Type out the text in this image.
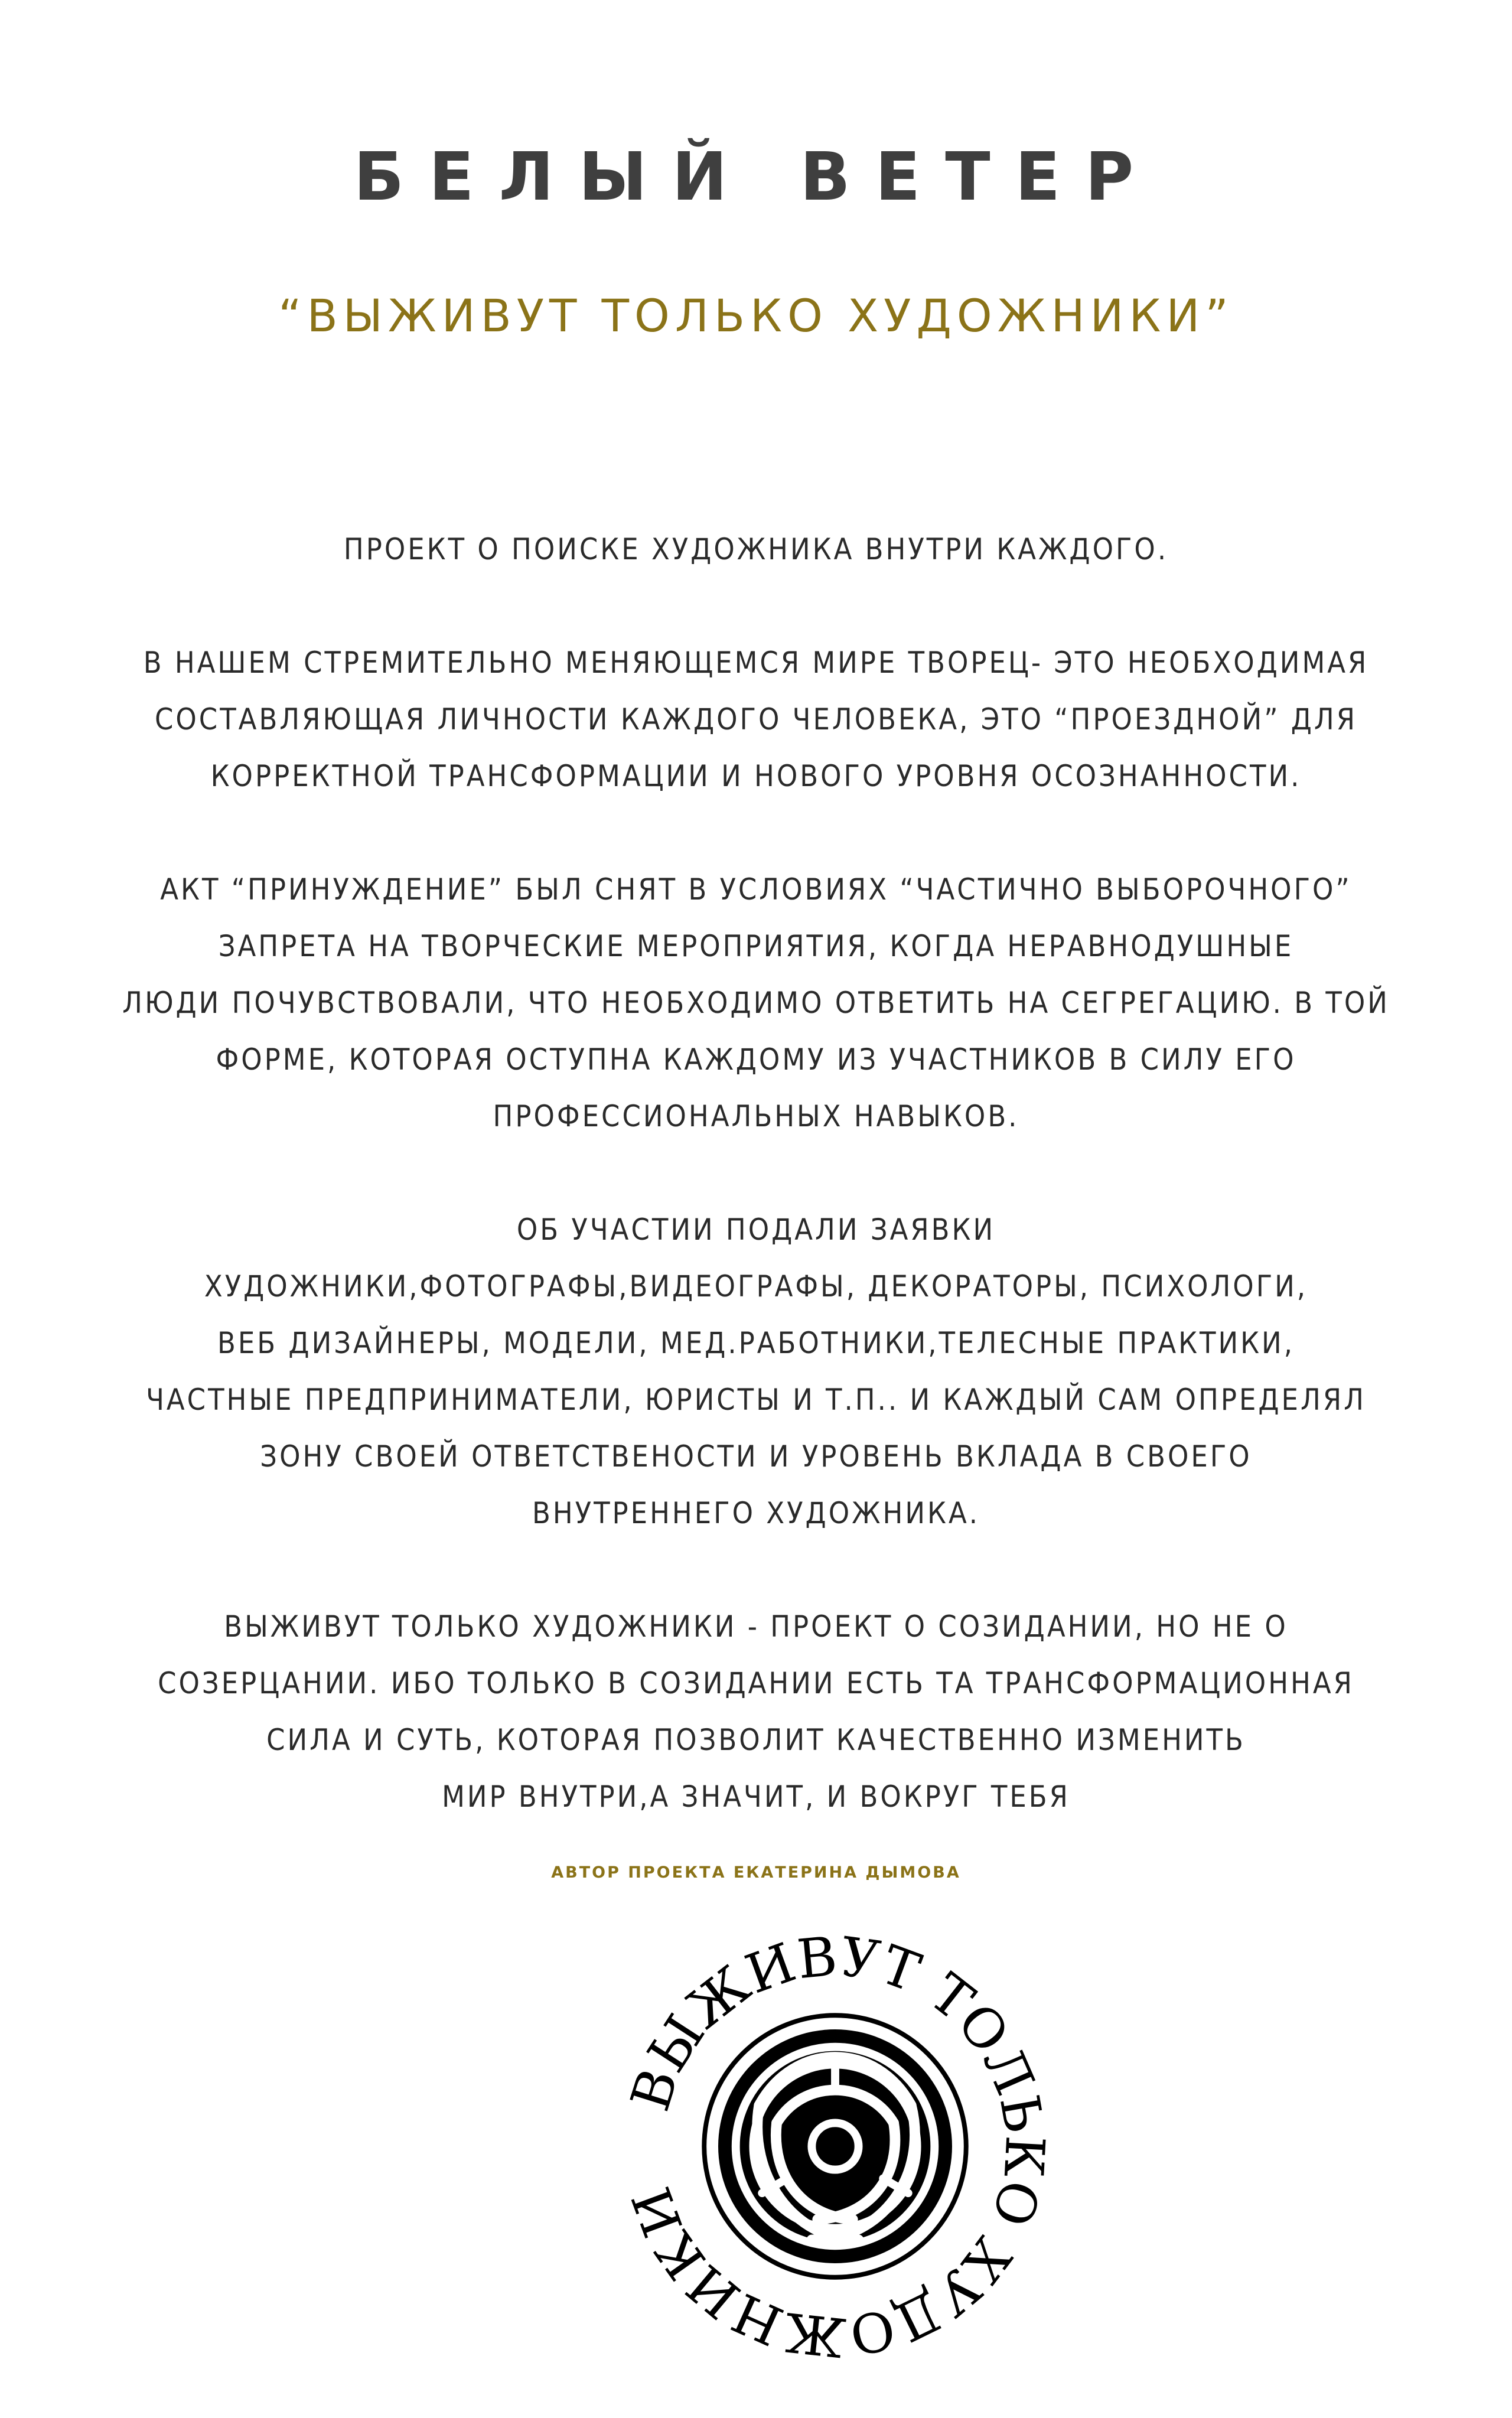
БЕЛЫЙ ВЕТЕР
“ВЫЖИВУТ ТОЛЬКО ХУДОЖНИКИ”
ПРОЕКТ О ПОИСКЕ ХУДОЖНИКА ВНУТРИ КАЖДОГО.
В НАШЕМ СТРЕМИТЕЛЬНО МЕНЯЮЩЕМСЯ МИРЕ ТВОРЕЦ- ЭТО НЕОБХОДИМАЯ
СОСТАВЛЯЮЩАЯ ЛИЧНОСТИ КАЖДОГО ЧЕЛОВЕКА, ЭТО “ПРОЕЗДНОЙ” ДЛЯ
КОРРЕКТНОЙ ТРАНСФОРМАЦИИ И НОВОГО УРОВНЯ ОСОЗНАННОСТИ.
АКТ “ПРИНУЖДЕНИЕ” БЫЛ СНЯТ В УСЛОВИЯХ “ЧАСТИЧНО ВЫБОРОЧНОГО”
ЗАПРЕТА НА ТВОРЧЕСКИЕ МЕРОПРИЯТИЯ, КОГДА НЕРАВНОДУШНЫЕ
ЛЮДИ ПОЧУВСТВОВАЛИ, ЧТО НЕОБХОДИМО ОТВЕТИТЬ НА СЕГРЕГАЦИЮ. В ТОЙ
ФОРМЕ, КОТОРАЯ ОСТУПНА КАЖДОМУ ИЗ УЧАСТНИКОВ В СИЛУ ЕГО
ПРОФЕССИОНАЛЬНЫХ НАВЫКОВ.
ОБ УЧАСТИИ ПОДАЛИ ЗАЯВКИ
ХУДОЖНИКИ,ФОТОГРАФЫ,ВИДЕОГРАФЫ, ДЕКОРАТОРЫ, ПСИХОЛОГИ,
ВЕБ ДИЗАЙНЕРЫ, МОДЕЛИ, МЕД.РАБОТНИКИ,ТЕЛЕСНЫЕ ПРАКТИКИ,
ЧАСТНЫЕ ПРЕДПРИНИМАТЕЛИ, ЮРИСТЫ И Т.П.. И КАЖДЫЙ САМ ОПРЕДЕЛЯЛ
ЗОНУ СВОЕЙ ОТВЕТСТВЕНОСТИ И УРОВЕНЬ ВКЛАДА В СВОЕГО
ВНУТРЕННЕГО ХУДОЖНИКА.
ВЫЖИВУТ ТОЛЬКО ХУДОЖНИКИ - ПРОЕКТ О СОЗИДАНИИ, НО НЕ О
СОЗЕРЦАНИИ. ИБО ТОЛЬКО В СОЗИДАНИИ ЕСТЬ ТА ТРАНСФОРМАЦИОННАЯ
СИЛА И СУТЬ, КОТОРАЯ ПОЗВОЛИТ КАЧЕСТВЕННО ИЗМЕНИТЬ
МИР ВНУТРИ,А ЗНАЧИТ, И ВОКРУГ ТЕБЯ
АВТОР ПРОЕКТА ЕКАТЕРИНА ДЫМОВА
ВЫЖИВУТ ТОЛЬКО ХУДОЖНИКИ
